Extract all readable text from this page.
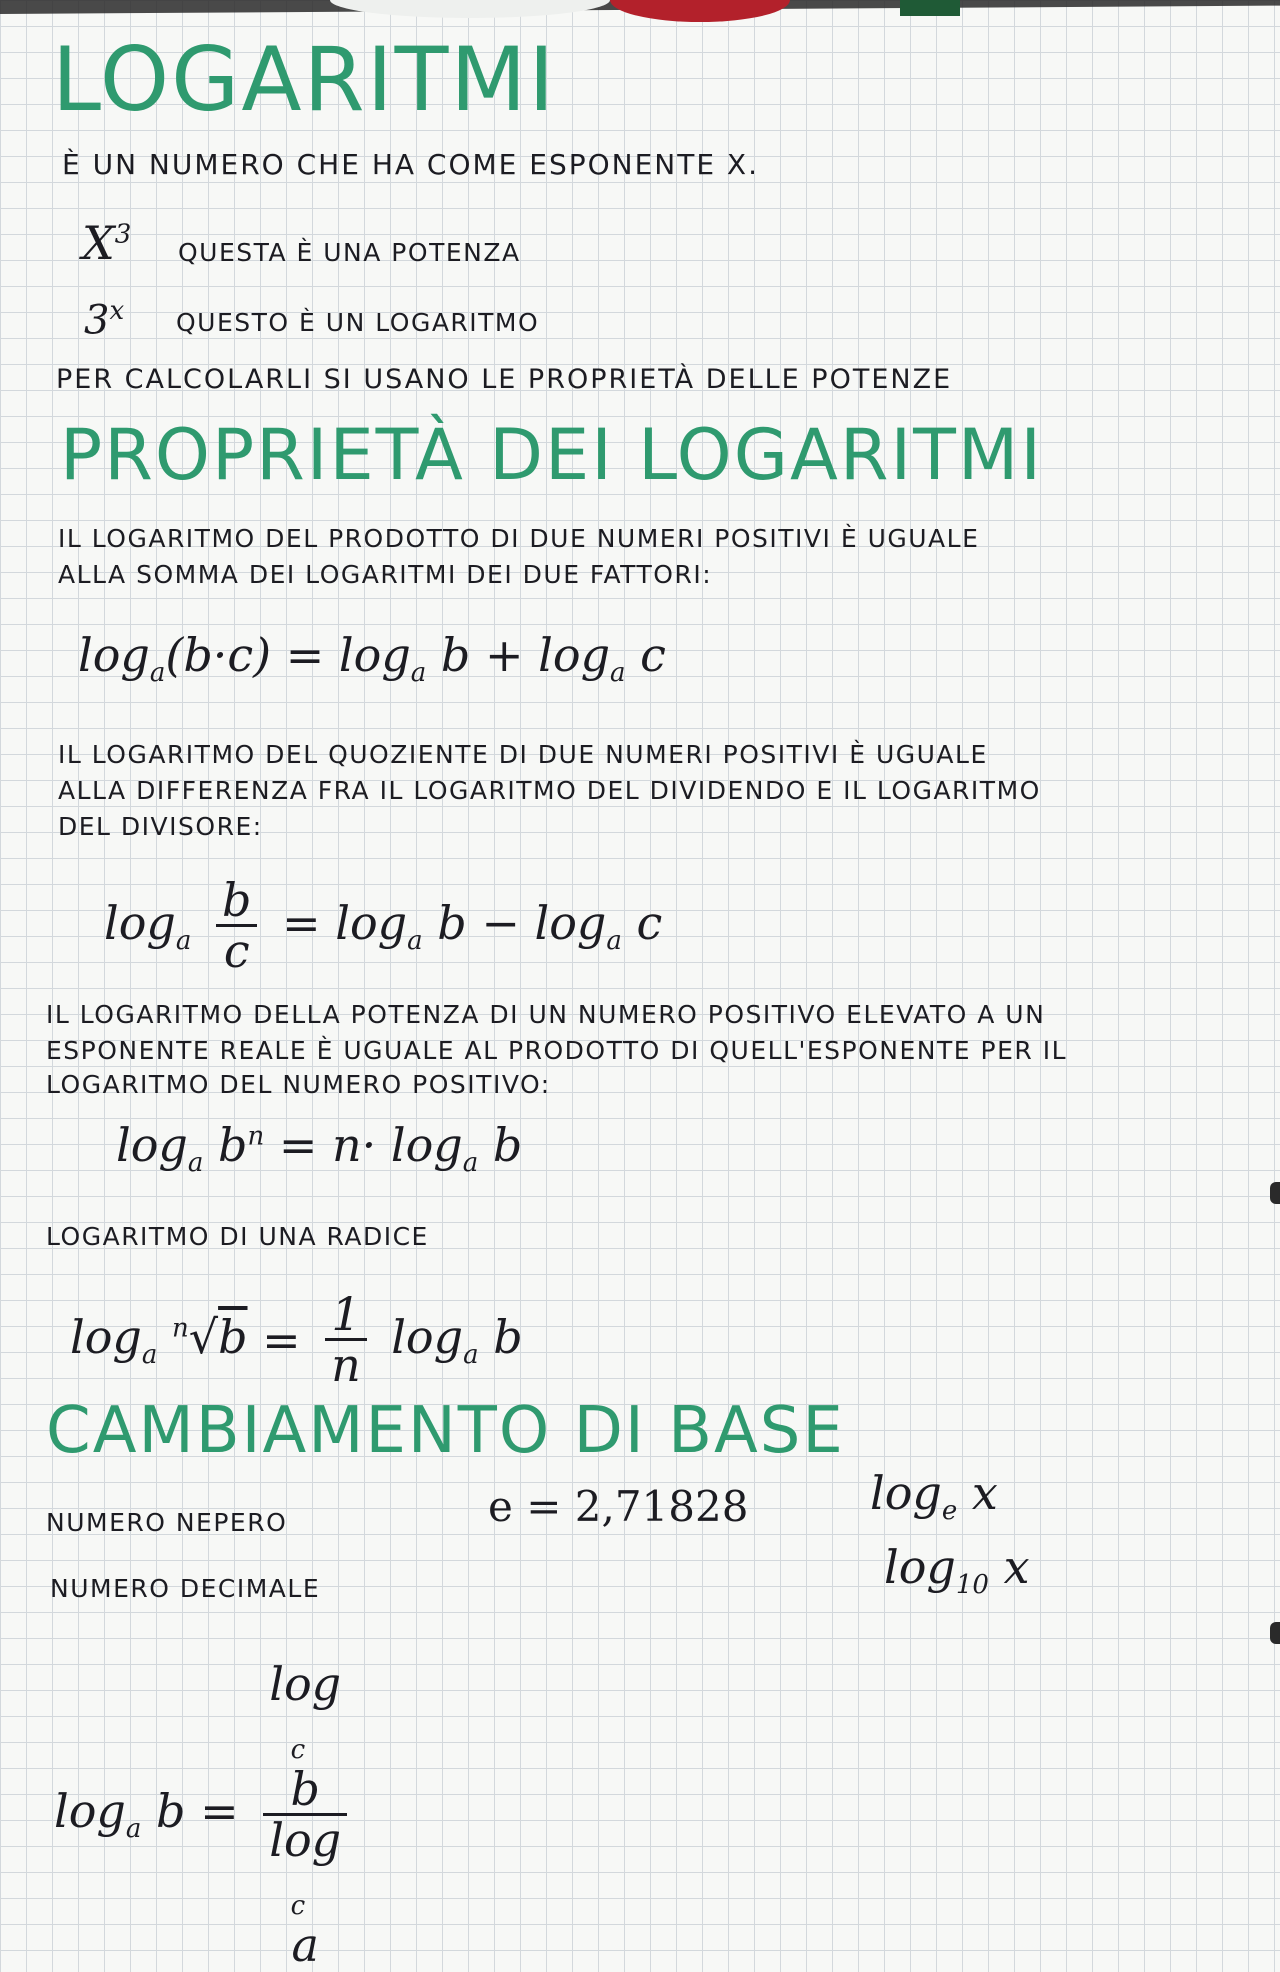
LOGARITMI

È UN NUMERO CHE HA COME ESPONENTE X.

$X^3$

QUESTA È UNA POTENZA

3$^x$ QUESTO È UN LOGARITMO

PER CALCOLARLI SI USANO LE PROPRIETÀ DELLE POTENZE

PROPRIETÀ DEI LOGARITMI

IL LOGARITMO DEL PRODOTTO DI DUE NUMERI POSITIVI È UGUALE

ALLA SOMMA DEI LOGARITMI DEI DUE FATTORI:

$\log_a(b\cdot c) = \log_a b + \log_a c$

IL LOGARITMO DEL QUOZIENTE DI DUE NUMERI POSITIVI È UGUALE

ALLA DIFFERENZA FRA IL LOGARITMO DEL DIVIDENDO E IL LOGARITMO

DEL DIVISORE:

$\log_a \frac{b}{c} = \log_a b - \log_a c$

IL LOGARITMO DELLA POTENZA DI UN NUMERO POSITIVO ELEVATO A UN

ESPONENTE REALE È UGUALE AL PRODOTTO DI QUELL'ESPONENTE PER IL

LOGARITMO DEL NUMERO POSITIVO:

$\log_a b^n = n\cdot \log_a b$

LOGARITMO DI UNA RADICE

$\log_a ^n√b = \frac{1}{n} \log_a b$

CAMBIAMENTO DI BASE

NUMERO NEPERO	e = 2,71828	$\log_e x$

NUMERO DECIMALE	$\log_{10} x$

$\log_a b = \log$
$_c$
b
log
$_c$
a
